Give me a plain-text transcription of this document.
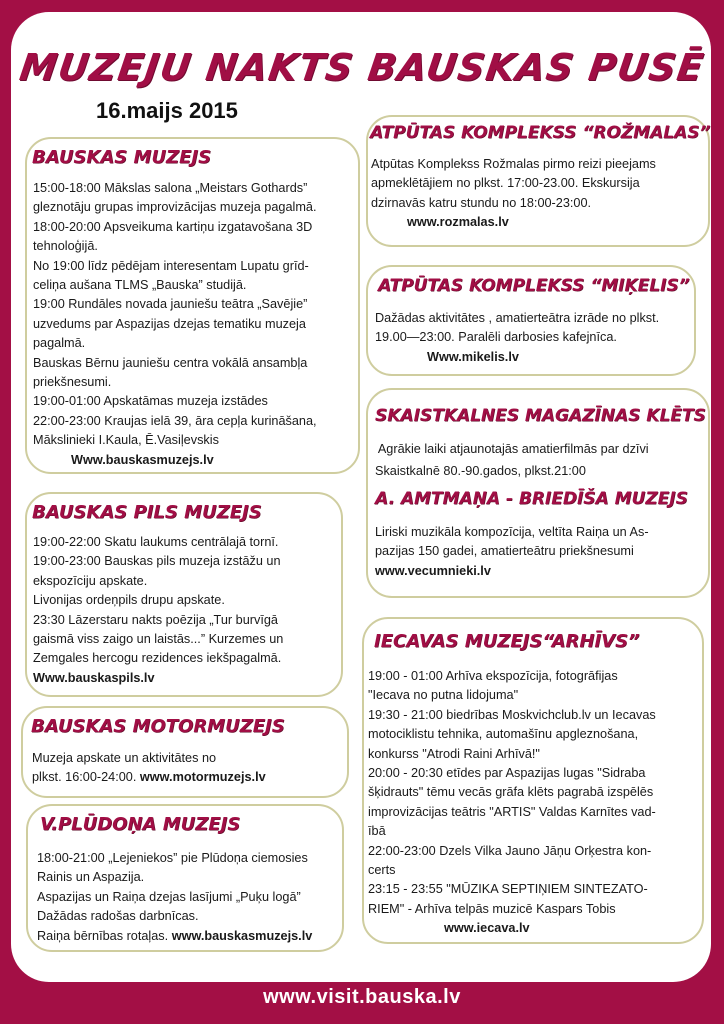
MUZEJU NAKTS BAUSKAS PUSĒ
16.maijs 2015
BAUSKAS MUZEJS
15:00-18:00 Mākslas salona „Meistars Gothards”
gleznotāju grupas improvizācijas muzeja pagalmā.
18:00-20:00 Apsveikuma kartiņu izgatavošana 3D
tehnoloģijā.
No 19:00 līdz pēdējam interesentam Lupatu grīd-
celiņa aušana TLMS „Bauska” studijā.
19:00 Rundāles novada jauniešu teātra „Savējie”
uzvedums par Aspazijas dzejas tematiku muzeja
pagalmā.
Bauskas Bērnu jauniešu centra vokālā ansambļa
priekšnesumi.
19:00-01:00 Apskatāmas muzeja izstādes
22:00-23:00 Kraujas ielā 39, āra cepļa kurināšana,
Mākslinieki I.Kaula, Ē.Vasiļevskis
Www.bauskasmuzejs.lv
BAUSKAS PILS MUZEJS
19:00-22:00 Skatu laukums centrālajā tornī.
19:00-23:00 Bauskas pils muzeja izstāžu un
ekspozīciju apskate.
Livonijas ordeņpils drupu apskate.
23:30 Lāzerstaru nakts poēzija „Tur burvīgā
gaismā viss zaigo un laistās...” Kurzemes un
Zemgales hercogu rezidences iekšpagalmā.
Www.bauskaspils.lv
BAUSKAS MOTORMUZEJS
Muzeja apskate un aktivitātes no
plkst. 16:00-24:00. www.motormuzejs.lv
V.PLŪDOŅA MUZEJS
18:00-21:00 „Lejeniekos” pie Plūdoņa ciemosies
Rainis un Aspazija.
Aspazijas un Raiņa dzejas lasījumi „Puķu logā”
Dažādas radošas darbnīcas.
Raiņa bērnības rotaļas. www.bauskasmuzejs.lv
ATPŪTAS KOMPLEKSS “ROŽMALAS”
Atpūtas Komplekss Rožmalas pirmo reizi pieejams
apmeklētājiem no plkst. 17:00-23.00. Ekskursija
dzirnavās katru stundu no 18:00-23:00.
www.rozmalas.lv
ATPŪTAS KOMPLEKSS “MIĶELIS”
Dažādas aktivitātes , amatierteātra izrāde no plkst.
19.00—23:00. Paralēli darbosies kafejnīca.
Www.mikelis.lv
SKAISTKALNES MAGAZĪNAS KLĒTS
Agrākie laiki atjaunotajās amatierfilmās par dzīvi
Skaistkalnē 80.-90.gados, plkst.21:00
A. AMTMAŅA - BRIEDĪŠA MUZEJS
Liriski muzikāla kompozīcija, veltīta Raiņa un As-
pazijas 150 gadei, amatierteātru priekšnesumi
www.vecumnieki.lv
IECAVAS MUZEJS“ARHĪVS”
19:00 - 01:00 Arhīva ekspozīcija, fotogrāfijas
"Iecava no putna lidojuma"
19:30 - 21:00 biedrības Moskvichclub.lv un Iecavas
motociklistu tehnika, automašīnu apgleznošana,
konkurss "Atrodi Raini Arhīvā!"
20:00 - 20:30 etīdes par Aspazijas lugas "Sidraba
šķidrauts" tēmu vecās grāfa klēts pagrabā izspēlēs
improvizācijas teātris "ARTIS" Valdas Karnītes vad-
ībā
22:00-23:00 Dzels Vilka Jauno Jāņu Orķestra kon-
certs
23:15 - 23:55 "MŪZIKA SEPTIŅIEM SINTEZATO-
RIEM" - Arhīva telpās muzicē Kaspars Tobis
www.iecava.lv
www.visit.bauska.lv
